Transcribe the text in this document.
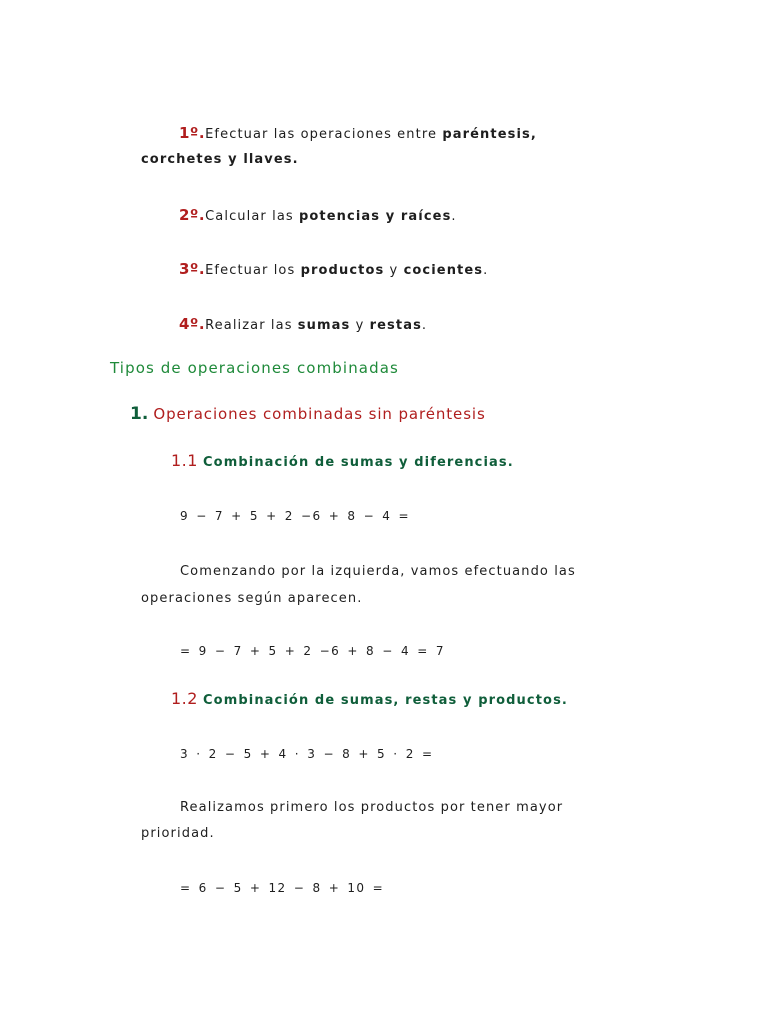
1º.Efectuar las operaciones entre paréntesis,
corchetes y llaves.
2º.Calcular las potencias y raíces.
3º.Efectuar los productos y cocientes.
4º.Realizar las sumas y restas.
Tipos de operaciones combinadas
1. Operaciones combinadas sin paréntesis
1.1 Combinación de sumas y diferencias.
9 − 7 + 5 + 2 −6 + 8 − 4 =
Comenzando por la izquierda, vamos efectuando las
operaciones según aparecen.
= 9 − 7 + 5 + 2 −6 + 8 − 4 = 7
1.2 Combinación de sumas, restas y productos.
3 · 2 − 5 + 4 · 3 − 8 + 5 · 2 =
Realizamos primero los productos por tener mayor
prioridad.
= 6 − 5 + 12 − 8 + 10 =
